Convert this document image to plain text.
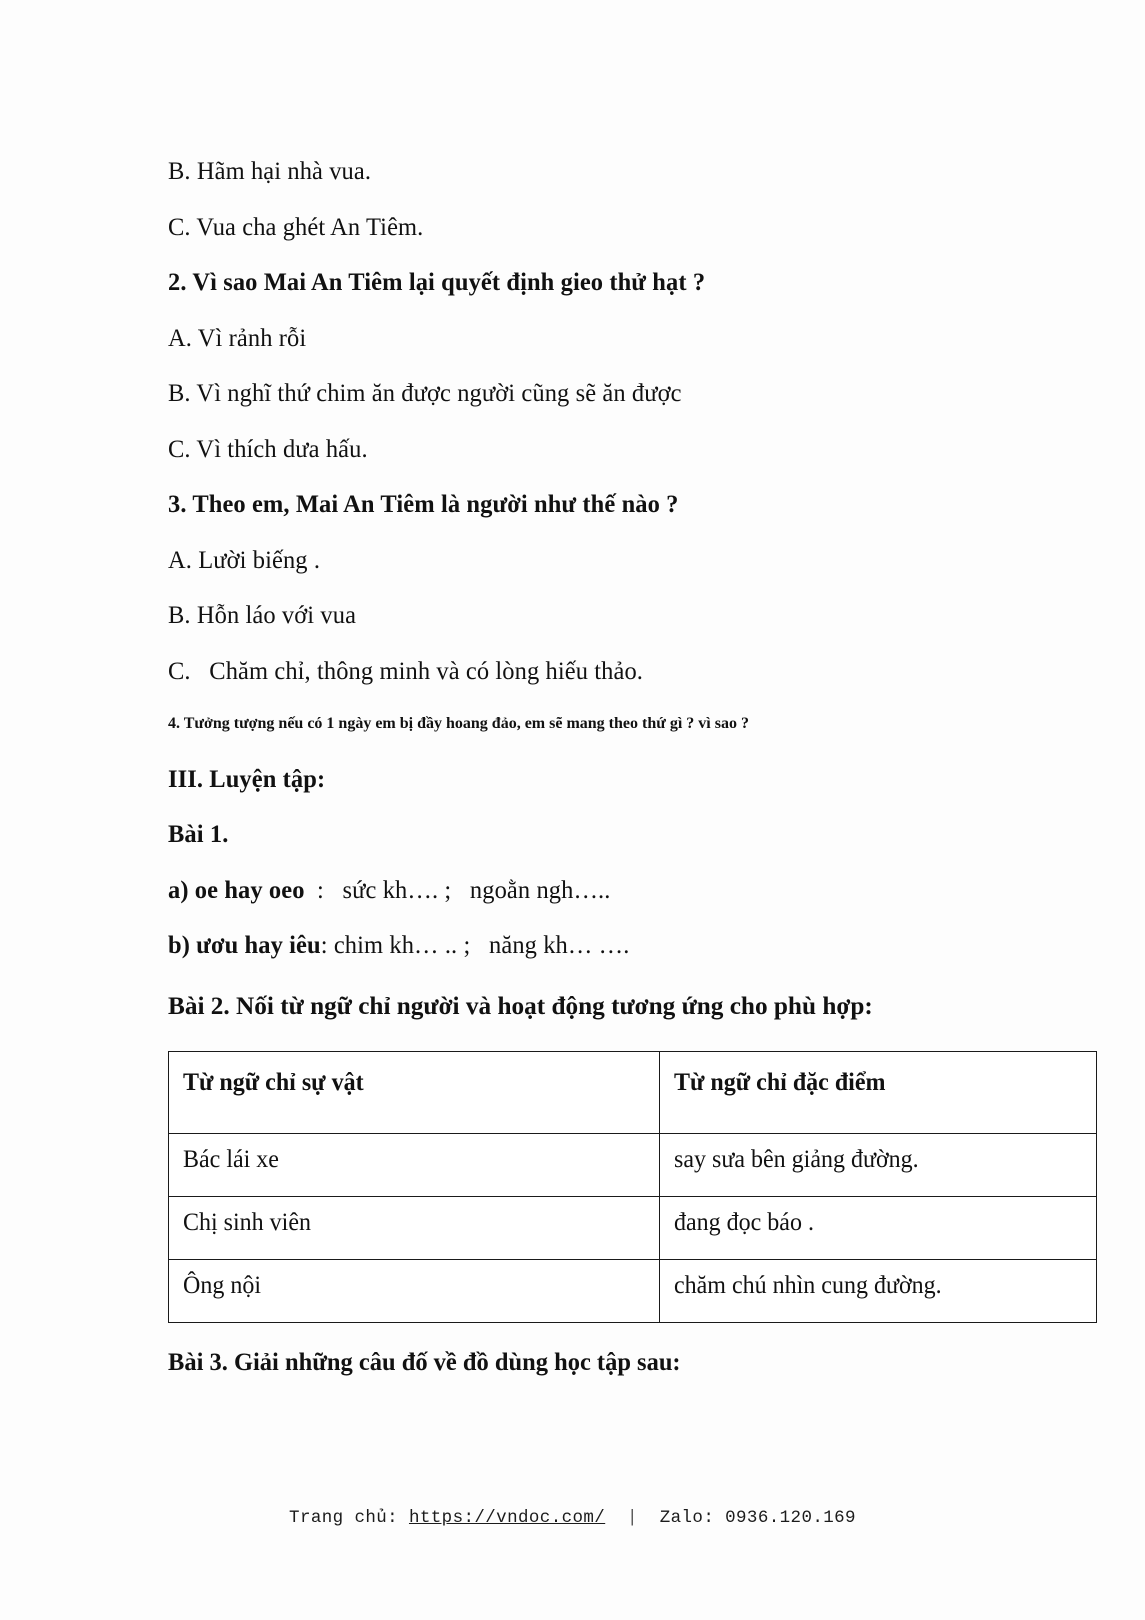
B. Hãm hại nhà vua.

C. Vua cha ghét An Tiêm.

2. Vì sao Mai An Tiêm lại quyết định gieo thử hạt ?

A. Vì rảnh rỗi

B. Vì nghĩ thứ chim ăn được người cũng sẽ ăn được

C. Vì thích dưa hấu.

3. Theo em, Mai An Tiêm là người như thế nào ?

A. Lười biếng .

B. Hỗn láo với vua

C.   Chăm chỉ, thông minh và có lòng hiếu thảo.

4. Tưởng tượng nếu có 1 ngày em bị đầy hoang đảo, em sẽ mang theo thứ gì ? vì sao ?

III. Luyện tập:

Bài 1.

a) oe hay oeo  :   sức kh…. ;   ngoằn ngh…..

b) ươu hay iêu: chim kh… .. ;   năng kh… ….

Bài 2. Nối từ ngữ chỉ người và hoạt động tương ứng cho phù hợp:

Từ ngữ chỉ sự vật	Từ ngữ chỉ đặc điểm

Bác lái xe	say sưa bên giảng đường.

Chị sinh viên	đang đọc báo .

Ông nội	chăm chú nhìn cung đường.

Bài 3. Giải những câu đố về đồ dùng học tập sau:

Trang chủ: https://vndoc.com/  |  Zalo: 0936.120.169
